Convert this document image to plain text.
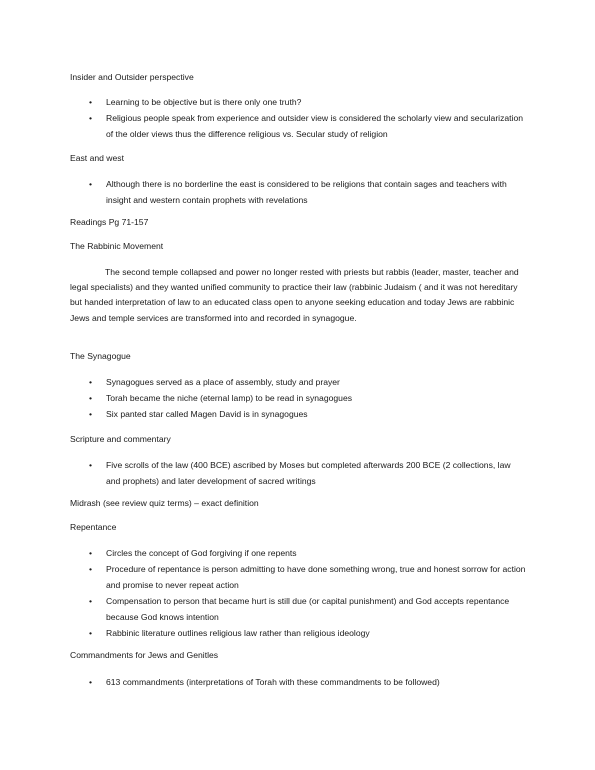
Insider and Outsider perspective
• Learning to be objective but is there only one truth?
• Religious people speak from experience and outsider view is considered the scholarly view and secularization of the older views thus the difference religious vs. Secular study of religion
East and west
• Although there is no borderline the east is considered to be religions that contain sages and teachers with insight and western contain prophets with revelations
Readings Pg 71-157
The Rabbinic Movement
The second temple collapsed and power no longer rested with priests but rabbis (leader, master, teacher and legal specialists) and they wanted unified community to practice their law (rabbinic Judaism ( and it was not hereditary but handed interpretation of law to an educated class open to anyone seeking education and today Jews are rabbinic Jews and temple services are transformed into and recorded in synagogue.
The Synagogue
• Synagogues served as a place of assembly, study and prayer
• Torah became the niche (eternal lamp) to be read in synagogues
• Six panted star called Magen David is in synagogues
Scripture and commentary
• Five scrolls of the law (400 BCE) ascribed by Moses but completed afterwards 200 BCE (2 collections, law and prophets) and later development of sacred writings
Midrash (see review quiz terms) – exact definition
Repentance
• Circles the concept of God forgiving if one repents
• Procedure of repentance is person admitting to have done something wrong, true and honest sorrow for action and promise to never repeat action
• Compensation to person that became hurt is still due (or capital punishment) and God accepts repentance because God knows intention
• Rabbinic literature outlines religious law rather than religious ideology
Commandments for Jews and Genitles
• 613 commandments (interpretations of Torah with these commandments to be followed)
